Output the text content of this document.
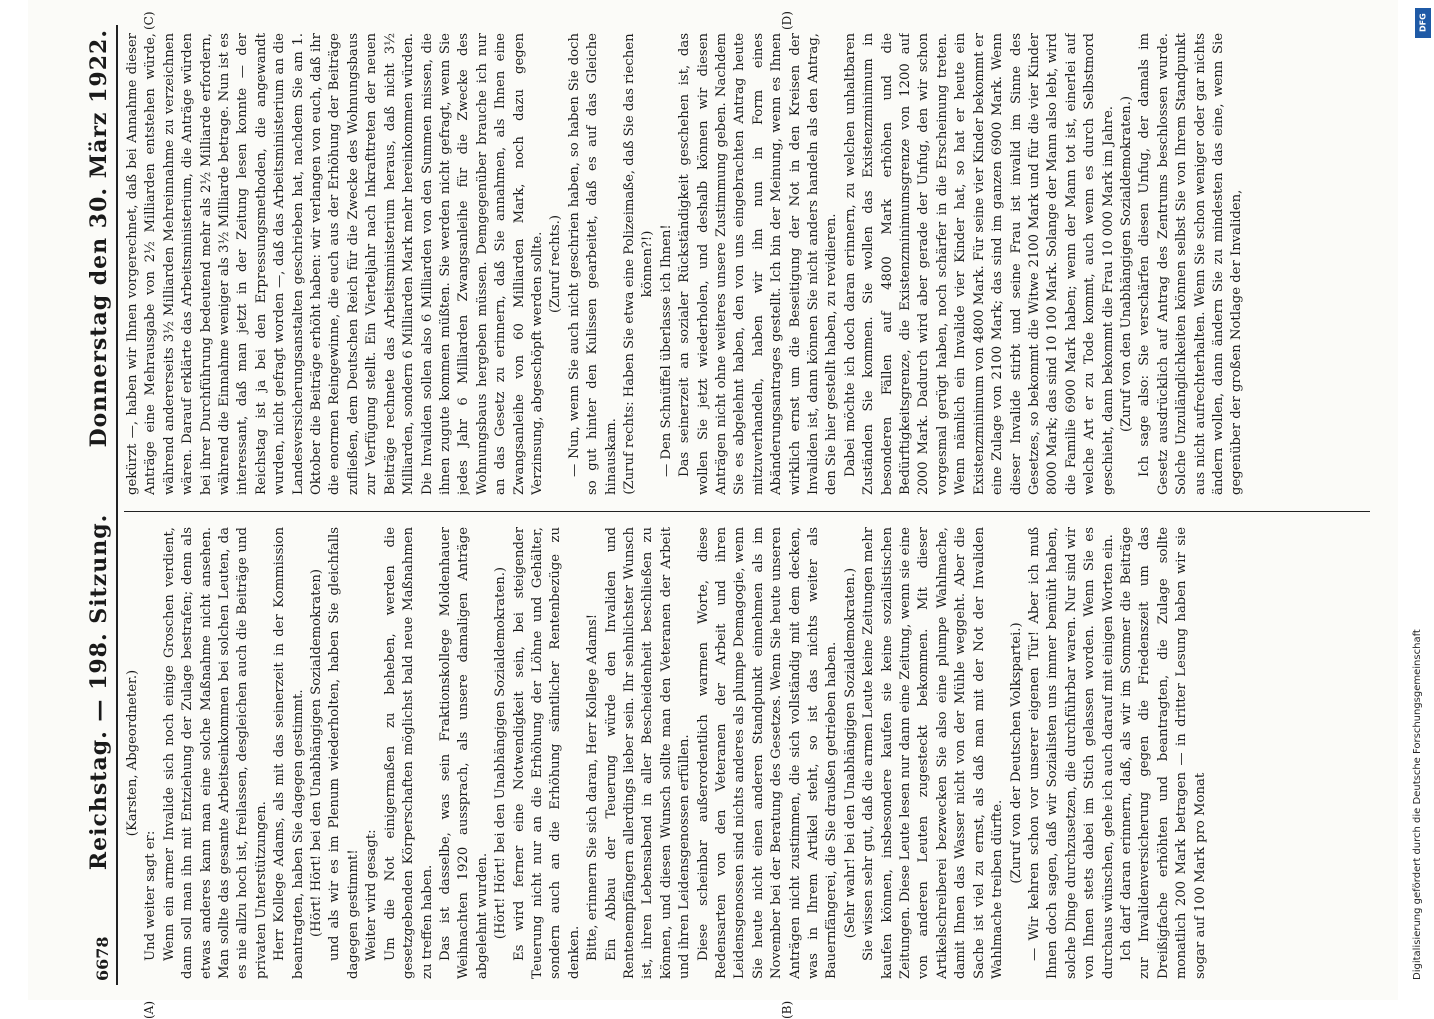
6678
Reichstag. — 198. Sitzung.
Donnerstag den 30. März 1922.
(A)	(B)
(C)	(D)

(Karsten, Abgeordneter.)

Und weiter sagt er: Wenn ein armer Invalide sich noch einige Groschen verdient, dann soll man ihn mit Entziehung der Zulage bestrafen; denn als etwas anderes kann man eine solche Maßnahme nicht ansehen. Man sollte das gesamte Arbeitseinkommen bei solchen Leuten, da es nie allzu hoch ist, freilassen, desgleichen auch die Beiträge und privaten Unterstützungen. Herr Kollege Adams, als mit das seinerzeit in der Kommission beantragten, haben Sie dagegen gestimmt. (Hört! Hört! bei den Unabhängigen Sozialdemokraten) und als wir es im Plenum wiederholten, haben Sie gleichfalls dagegen gestimmt! Weiter wird gesagt: Um die Not einigermaßen zu beheben, werden die gesetzgebenden Körperschaften möglichst bald neue Maßnahmen zu treffen haben. Das ist dasselbe, was sein Fraktionskollege Moldenhauer Weihnachten 1920 aussprach, als unsere damaligen Anträge abgelehnt wurden. (Hört! Hört! bei den Unabhängigen Sozialdemokraten.) Es wird ferner eine Notwendigkeit sein, bei steigender Teuerung nicht nur an die Erhöhung der Löhne und Gehälter, sondern auch an die Erhöhung sämtlicher Rentenbezüge zu denken. Bitte, erinnern Sie sich daran, Herr Kollege Adams! Ein Abbau der Teuerung würde den Invaliden und Rentenempfängern allerdings lieber sein. Ihr sehnlichster Wunsch ist, ihren Lebensabend in aller Bescheidenheit beschließen zu können, und diesen Wunsch sollte man den Veteranen der Arbeit und ihren Leidensgenossen erfüllen. Diese scheinbar außerordentlich warmen Worte, diese Redensarten von den Veteranen der Arbeit und ihren Leidensgenossen sind nichts anderes als plumpe Demagogie, wenn Sie heute nicht einen anderen Standpunkt einnehmen als im November bei der Beratung des Gesetzes. Wenn Sie heute unseren Anträgen nicht zustimmen, die sich vollständig mit dem decken, was in Ihrem Artikel steht, so ist das nichts weiter als Bauernfängerei, die Sie draußen getrieben haben. (Sehr wahr! bei den Unabhängigen Sozialdemokraten.) Sie wissen sehr gut, daß die armen Leute keine Zeitungen mehr kaufen können, insbesondere kaufen sie keine sozialistischen Zeitungen. Diese Leute lesen nur dann eine Zeitung, wenn sie eine von anderen Leuten zugesteckt bekommen. Mit dieser Artikelschreiberei bezwecken Sie also eine plumpe Wahlmache, damit Ihnen das Wasser nicht von der Mühle weggeht. Aber die Sache ist viel zu ernst, als daß man mit der Not der Invaliden Wahlmache treiben dürfte.

(Zuruf von der Deutschen Volkspartei.) — Wir kehren schon vor unserer eigenen Tür! Aber ich muß Ihnen doch sagen, daß wir Sozialisten uns immer bemüht haben, solche Dinge durchzusetzen, die durchführbar waren. Nur sind wir von Ihnen stets dabei im Stich gelassen worden. Wenn Sie es durchaus wünschen, gehe ich auch darauf mit einigen Worten ein. Ich darf daran erinnern, daß, als wir im Sommer die Beiträge zur Invalidenversicherung gegen die Friedenszeit um das Dreißigfache erhöhten und beantragten, die Zulage sollte monatlich 200 Mark betragen — in dritter Lesung haben wir sie sogar auf 100 Mark pro Monat

gekürzt —, haben wir Ihnen vorgerechnet, daß bei Annahme dieser Anträge eine Mehrausgabe von 2½ Milliarden entstehen würde, während andererseits 3½ Milliarden Mehreinnahme zu verzeichnen wären. Darauf erklärte das Arbeitsministerium, die Anträge würden bei ihrer Durchführung bedeutend mehr als 2½ Milliarde erfordern, während die Einnahme weniger als 3½ Milliarde betrage. Nun ist es interessant, daß man jetzt in der Zeitung lesen konnte — der Reichstag ist ja bei den Erpressungsmethoden, die angewandt wurden, nicht gefragt worden —, daß das Arbeitsministerium an die Landesversicherungsanstalten geschrieben hat, nachdem Sie am 1. Oktober die Beiträge erhöht haben: wir verlangen von euch, daß ihr die enormen Reingewinne, die euch aus der Erhöhung der Beiträge zufließen, dem Deutschen Reich für die Zwecke des Wohnungsbaus zur Verfügung stellt. Ein Vierteljahr nach Inkrafttreten der neuen Beiträge rechnete das Arbeitsministerium heraus, daß nicht 3½ Milliarden, sondern 6 Milliarden Mark mehr hereinkommen würden. Die Invaliden sollen also 6 Milliarden von den Summen missen, die ihnen zugute kommen müßten. Sie werden nicht gefragt, wenn Sie jedes Jahr 6 Milliarden Zwangsanleihe für die Zwecke des Wohnungsbaus hergeben müssen. Demgegenüber brauche ich nur an das Gesetz zu erinnern, daß Sie annahmen, als Ihnen eine Zwangsanleihe von 60 Milliarden Mark, noch dazu gegen Verzinsung, abgeschöpft werden sollte. (Zuruf rechts.) — Nun, wenn Sie auch nicht geschrien haben, so haben Sie doch so gut hinter den Kulissen gearbeitet, daß es auf das Gleiche hinauskam. (Zuruf rechts: Haben Sie etwa eine Polizeimaße, daß Sie das riechen können?!) — Den Schnüffel überlasse ich Ihnen! Das seinerzeit an sozialer Rückständigkeit geschehen ist, das wollen Sie jetzt wiederholen, und deshalb können wir diesen Anträgen nicht ohne weiteres unsere Zustimmung geben. Nachdem Sie es abgelehnt haben, den von uns eingebrachten Antrag heute mitzuverhandeln, haben wir ihn nun in Form eines Abänderungsantrages gestellt. Ich bin der Meinung, wenn es Ihnen wirklich ernst um die Beseitigung der Not in den Kreisen der Invaliden ist, dann können Sie nicht anders handeln als den Antrag, den Sie hier gestellt haben, zu revidieren. Dabei möchte ich doch daran erinnern, zu welchen unhaltbaren Zuständen Sie kommen. Sie wollen das Existenzminimum in besonderen Fällen auf 4800 Mark erhöhen und die Bedürftigkeitsgrenze, die Existenzminimumsgrenze von 1200 auf 2000 Mark. Dadurch wird aber gerade der Unfug, den wir schon vorgesmal gerügt haben, noch schärfer in die Erscheinung treten. Wenn nämlich ein Invalide vier Kinder hat, so hat er heute ein Existenzminimum von 4800 Mark. Für seine vier Kinder bekommt er eine Zulage von 2100 Mark; das sind im ganzen 6900 Mark. Wenn dieser Invalide stirbt und seine Frau ist invalid im Sinne des Gesetzes, so bekommt die Witwe 2100 Mark und für die vier Kinder 8000 Mark; das sind 10 100 Mark. Solange der Mann also lebt, wird die Familie 6900 Mark haben; wenn der Mann tot ist, einerlei auf welche Art er zu Tode kommt, auch wenn es durch Selbstmord geschieht, dann bekommt die Frau 10 000 Mark im Jahre. (Zuruf von den Unabhängigen Sozialdemokraten.) Ich sage also: Sie verschärfen diesen Unfug, der damals im Gesetz ausdrücklich auf Antrag des Zentrums beschlossen wurde. Solche Unzulänglichkeiten können selbst Sie von Ihrem Standpunkt aus nicht aufrechterhalten. Wenn Sie schon weniger oder gar nichts ändern wollen, dann ändern Sie zu mindesten das eine, wenn Sie gegenüber der großen Notlage der Invaliden,

DFG
Digitalisierung gefördert durch die Deutsche Forschungsgemeinschaft
